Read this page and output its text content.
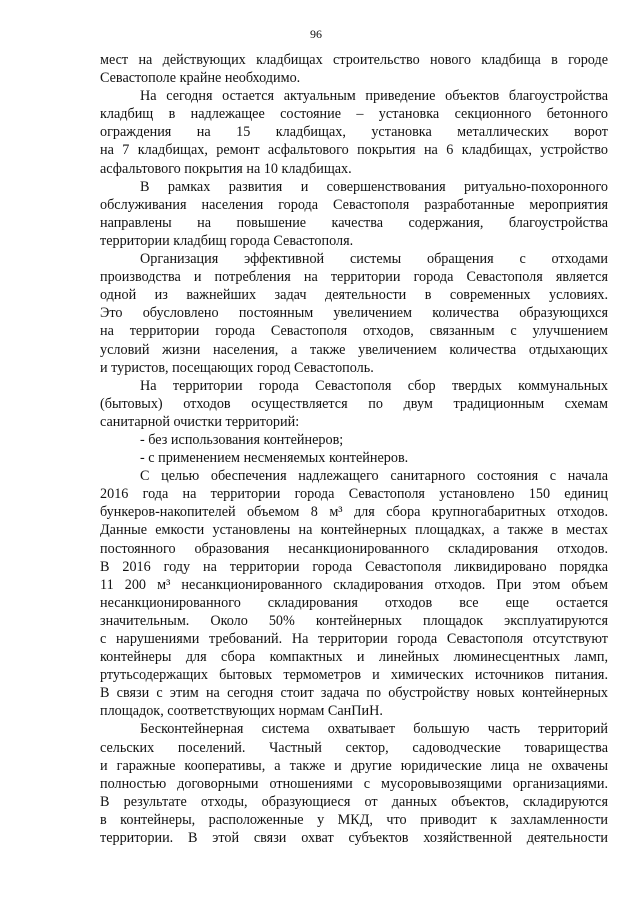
96
мест на действующих кладбищах строительство нового кладбища в городе
Севастополе крайне необходимо.
На сегодня остается актуальным приведение объектов благоустройства
кладбищ в надлежащее состояние – установка секционного бетонного
ограждения на 15 кладбищах, установка металлических ворот
на 7 кладбищах, ремонт асфальтового покрытия на 6 кладбищах, устройство
асфальтового покрытия на 10 кладбищах.
В рамках развития и совершенствования ритуально-похоронного
обслуживания населения города Севастополя разработанные мероприятия
направлены на повышение качества содержания, благоустройства
территории кладбищ города Севастополя.
Организация эффективной системы обращения с отходами
производства и потребления на территории города Севастополя является
одной из важнейших задач деятельности в современных условиях.
Это обусловлено постоянным увеличением количества образующихся
на территории города Севастополя отходов, связанным с улучшением
условий жизни населения, а также увеличением количества отдыхающих
и туристов, посещающих город Севастополь.
На территории города Севастополя сбор твердых коммунальных
(бытовых) отходов осуществляется по двум традиционным схемам
санитарной очистки территорий:
- без использования контейнеров;
- с применением несменяемых контейнеров.
С целью обеспечения надлежащего санитарного состояния с начала
2016 года на территории города Севастополя установлено 150 единиц
бункеров-накопителей объемом 8 м³ для сбора крупногабаритных отходов.
Данные емкости установлены на контейнерных площадках, а также в местах
постоянного образования несанкционированного складирования отходов.
В 2016 году на территории города Севастополя ликвидировано порядка
11 200 м³ несанкционированного складирования отходов. При этом объем
несанкционированного складирования отходов все еще остается
значительным. Около 50% контейнерных площадок эксплуатируются
с нарушениями требований. На территории города Севастополя отсутствуют
контейнеры для сбора компактных и линейных люминесцентных ламп,
ртутьсодержащих бытовых термометров и химических источников питания.
В связи с этим на сегодня стоит задача по обустройству новых контейнерных
площадок, соответствующих нормам СанПиН.
Бесконтейнерная система охватывает большую часть территорий
сельских поселений. Частный сектор, садоводческие товарищества
и гаражные кооперативы, а также и другие юридические лица не охвачены
полностью договорными отношениями с мусоровывозящими организациями.
В результате отходы, образующиеся от данных объектов, складируются
в контейнеры, расположенные у МКД, что приводит к захламленности
территории. В этой связи охват субъектов хозяйственной деятельности
